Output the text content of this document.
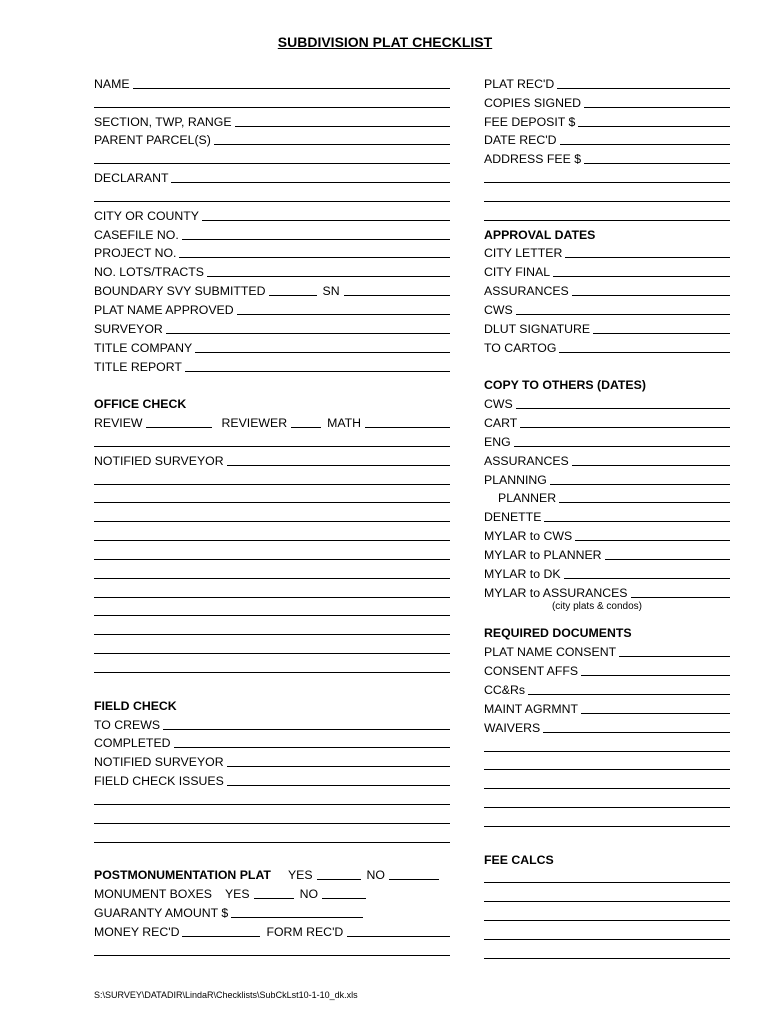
SUBDIVISION PLAT CHECKLIST
NAME
SECTION, TWP, RANGE
PARENT PARCEL(S)
DECLARANT
CITY OR COUNTY
CASEFILE NO.
PROJECT NO.
NO. LOTS/TRACTS
BOUNDARY SVY SUBMITTED	SN
PLAT NAME APPROVED
SURVEYOR
TITLE COMPANY
TITLE REPORT
OFFICE CHECK
REVIEW	REVIEWER	MATH
NOTIFIED SURVEYOR
FIELD CHECK
TO CREWS
COMPLETED
NOTIFIED SURVEYOR
FIELD CHECK ISSUES
POSTMONUMENTATION PLAT	YES	NO
MONUMENT BOXES	YES	NO
GUARANTY AMOUNT $
MONEY REC'D	FORM REC'D
PLAT REC'D
COPIES SIGNED
FEE DEPOSIT $
DATE REC'D
ADDRESS FEE $
APPROVAL DATES
CITY LETTER
CITY FINAL
ASSURANCES
CWS
DLUT SIGNATURE
TO CARTOG
COPY TO OTHERS (DATES)
CWS
CART
ENG
ASSURANCES
PLANNING
PLANNER
DENETTE
MYLAR to CWS
MYLAR to PLANNER
MYLAR to DK
MYLAR to ASSURANCES
(city plats & condos)
REQUIRED DOCUMENTS
PLAT NAME CONSENT
CONSENT AFFS
CC&Rs
MAINT AGRMNT
WAIVERS
FEE CALCS
S:\SURVEY\DATADIR\LindaR\Checklists\SubCkLst10-1-10_dk.xls
